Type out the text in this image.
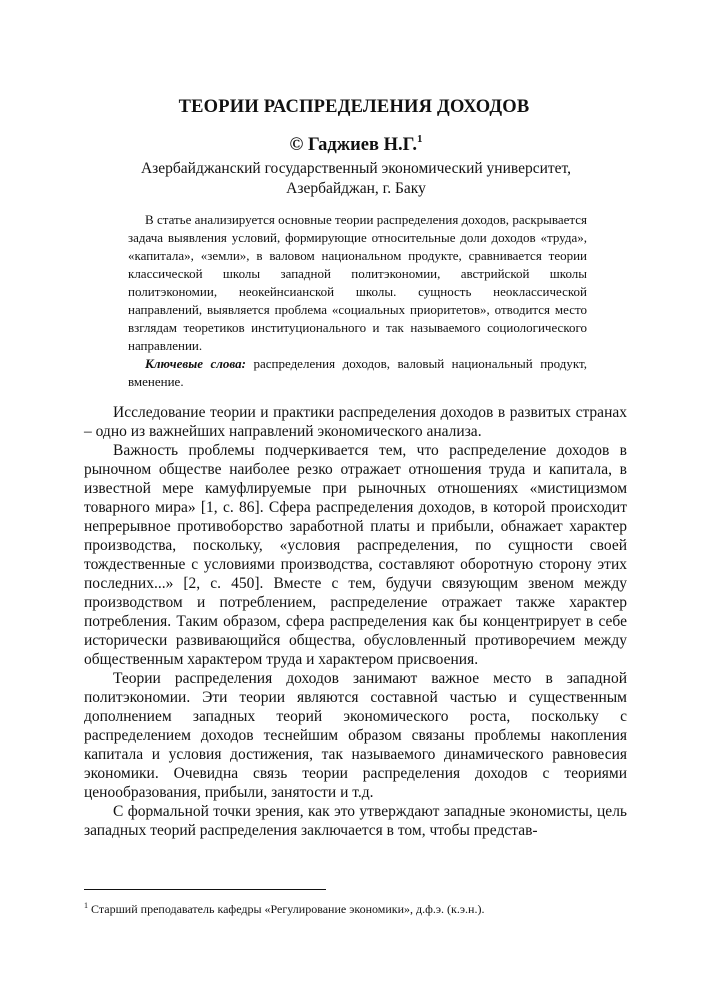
ТЕОРИИ РАСПРЕДЕЛЕНИЯ ДОХОДОВ
© Гаджиев Н.Г.$^1$
Азербайджанский государственный экономический университет,
Азербайджан, г. Баку

В статье анализируется основные теории распределения доходов, раскрывается задача выявления условий, формирующие относительные доли доходов «труда», «капитала», «земли», в валовом национальном продукте, сравнивается теории классической школы западной политэкономии, австрийской школы политэкономии, неокейнсианской школы. сущность неоклассической направлений, выявляется проблема «социальных приоритетов», отводится место взглядам теоретиков институционального и так называемого социологического направлении.

Ключевые слова: распределения доходов, валовый национальный продукт, вменение.

Исследование теории и практики распределения доходов в развитых странах – одно из важнейших направлений экономического анализа.

Важность проблемы подчеркивается тем, что распределение доходов в рыночном обществе наиболее резко отражает отношения труда и капитала, в известной мере камуфлируемые при рыночных отношениях «мистицизмом товарного мира» [1, с. 86]. Сфера распределения доходов, в которой происходит непрерывное противоборство заработной платы и прибыли, обнажает характер производства, поскольку, «условия распределения, по сущности своей тождественные с условиями производства, составляют оборотную сторону этих последних...» [2, с. 450]. Вместе с тем, будучи связующим звеном между производством и потреблением, распределение отражает также характер потребления. Таким образом, сфера распределения как бы концентрирует в себе исторически развивающийся общества, обусловленный противоречием между общественным характером труда и характером присвоения.

Теории распределения доходов занимают важное место в западной политэкономии. Эти теории являются составной частью и существенным дополнением западных теорий экономического роста, поскольку с распределением доходов теснейшим образом связаны проблемы накопления капитала и условия достижения, так называемого динамического равновесия экономики. Очевидна связь теории распределения доходов с теориями ценообразования, прибыли, занятости и т.д.

С формальной точки зрения, как это утверждают западные экономисты, цель западных теорий распределения заключается в том, чтобы представ-

$^1$ Старший преподаватель кафедры «Регулирование экономики», д.ф.э. (к.э.н.).
